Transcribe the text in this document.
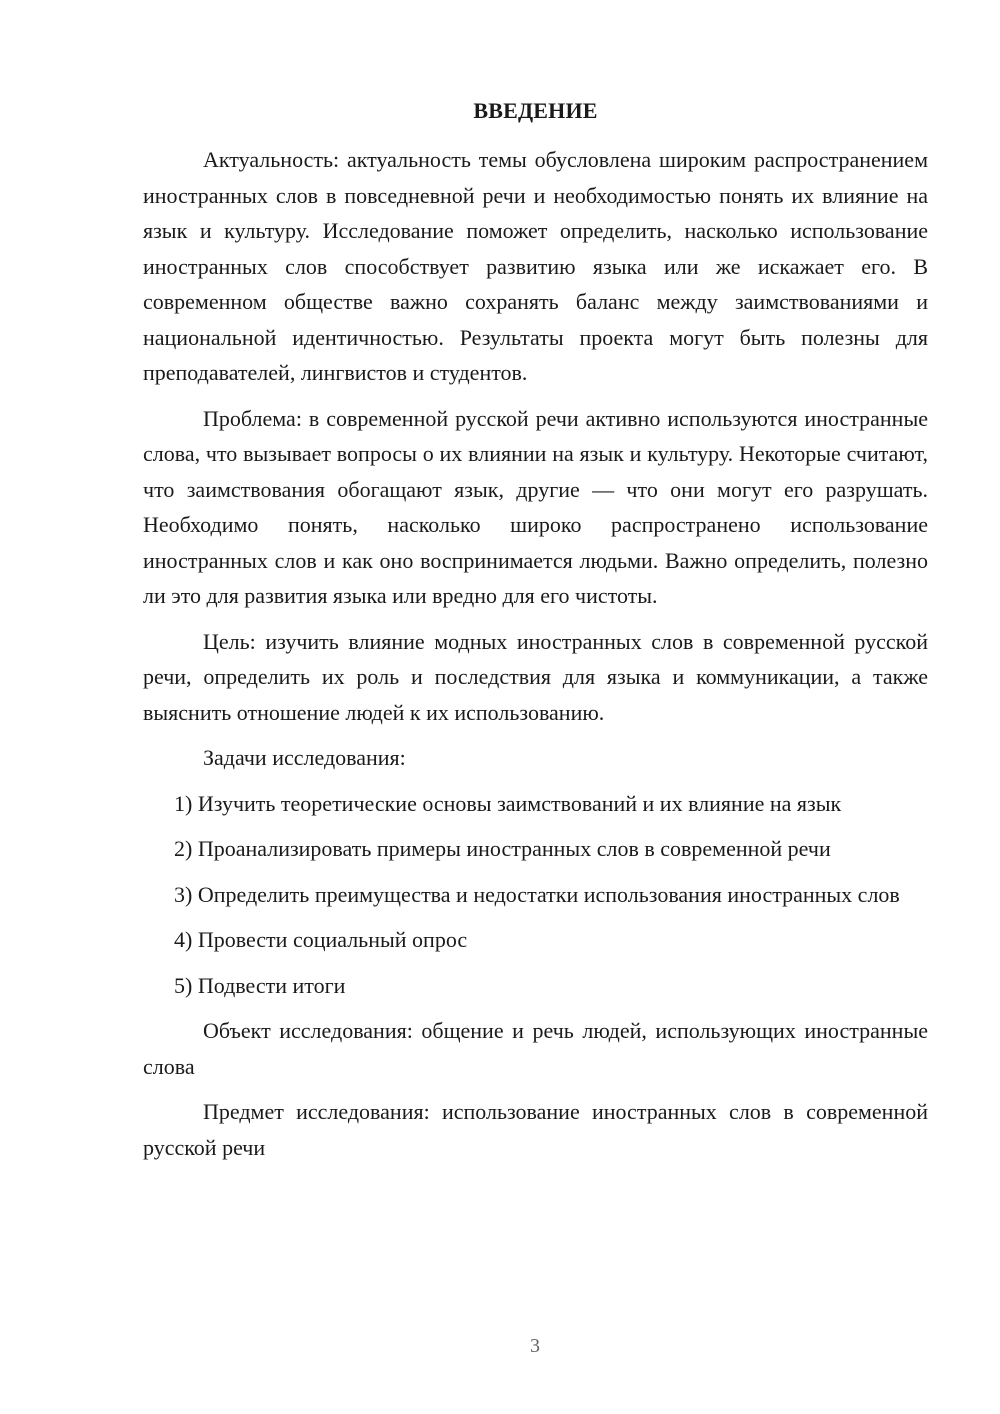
ВВЕДЕНИЕ

Актуальность: актуальность темы обусловлена широким распространением иностранных слов в повседневной речи и необходимостью понять их влияние на язык и культуру. Исследование поможет определить, насколько использование иностранных слов способствует развитию языка или же искажает его. В современном обществе важно сохранять баланс между заимствованиями и национальной идентичностью. Результаты проекта могут быть полезны для преподавателей, лингвистов и студентов.

Проблема: в современной русской речи активно используются иностранные слова, что вызывает вопросы о их влиянии на язык и культуру. Некоторые считают, что заимствования обогащают язык, другие — что они могут его разрушать. Необходимо понять, насколько широко распространено использование иностранных слов и как оно воспринимается людьми. Важно определить, полезно ли это для развития языка или вредно для его чистоты.

Цель: изучить влияние модных иностранных слов в современной русской речи, определить их роль и последствия для языка и коммуникации, а также выяснить отношение людей к их использованию.

Задачи исследования:

1) Изучить теоретические основы заимствований и их влияние на язык

2) Проанализировать примеры иностранных слов в современной речи

3) Определить преимущества и недостатки использования иностранных слов

4) Провести социальный опрос

5) Подвести итоги

Объект исследования: общение и речь людей, использующих иностранные слова

Предмет исследования: использование иностранных слов в современной русской речи

3
